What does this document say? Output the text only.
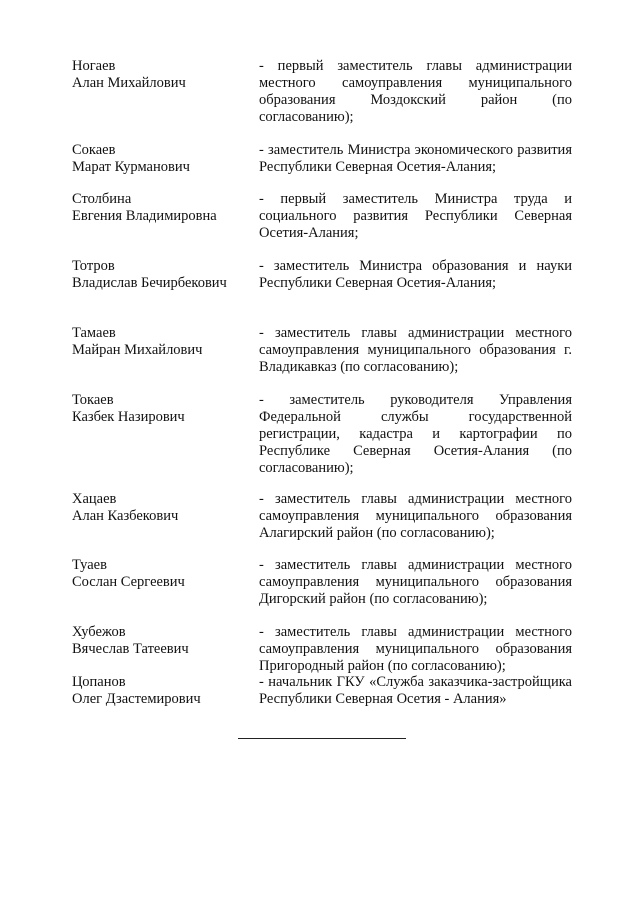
Ногаев
Алан Михайлович
- первый заместитель главы администрации местного самоуправления муниципального образования Моздокский район (по согласованию);
Сокаев
Марат Курманович
- заместитель Министра экономического развития Республики Северная Осетия-Алания;
Столбина
Евгения Владимировна
- первый заместитель Министра труда и социального развития Республики Северная Осетия-Алания;
Тотров
Владислав Бечирбекович
- заместитель Министра образования и науки Республики Северная Осетия-Алания;
Тамаев
Майран Михайлович
- заместитель главы администрации местного самоуправления муниципального образования г. Владикавказ (по согласованию);
Токаев
Казбек Назирович
- заместитель руководителя Управления Федеральной службы государственной регистрации, кадастра и картографии по Республике Северная Осетия-Алания (по согласованию);
Хацаев
Алан Казбекович
- заместитель главы администрации местного самоуправления муниципального образования Алагирский район (по согласованию);
Туаев
Сослан Сергеевич
- заместитель главы администрации местного самоуправления муниципального образования Дигорский район (по согласованию);
Хубежов
Вячеслав Татеевич
- заместитель главы администрации местного самоуправления муниципального образования Пригородный район (по согласованию);
Цопанов
Олег Дзастемирович
- начальник ГКУ «Служба заказчика-застройщика Республики Северная Осетия - Алания»
